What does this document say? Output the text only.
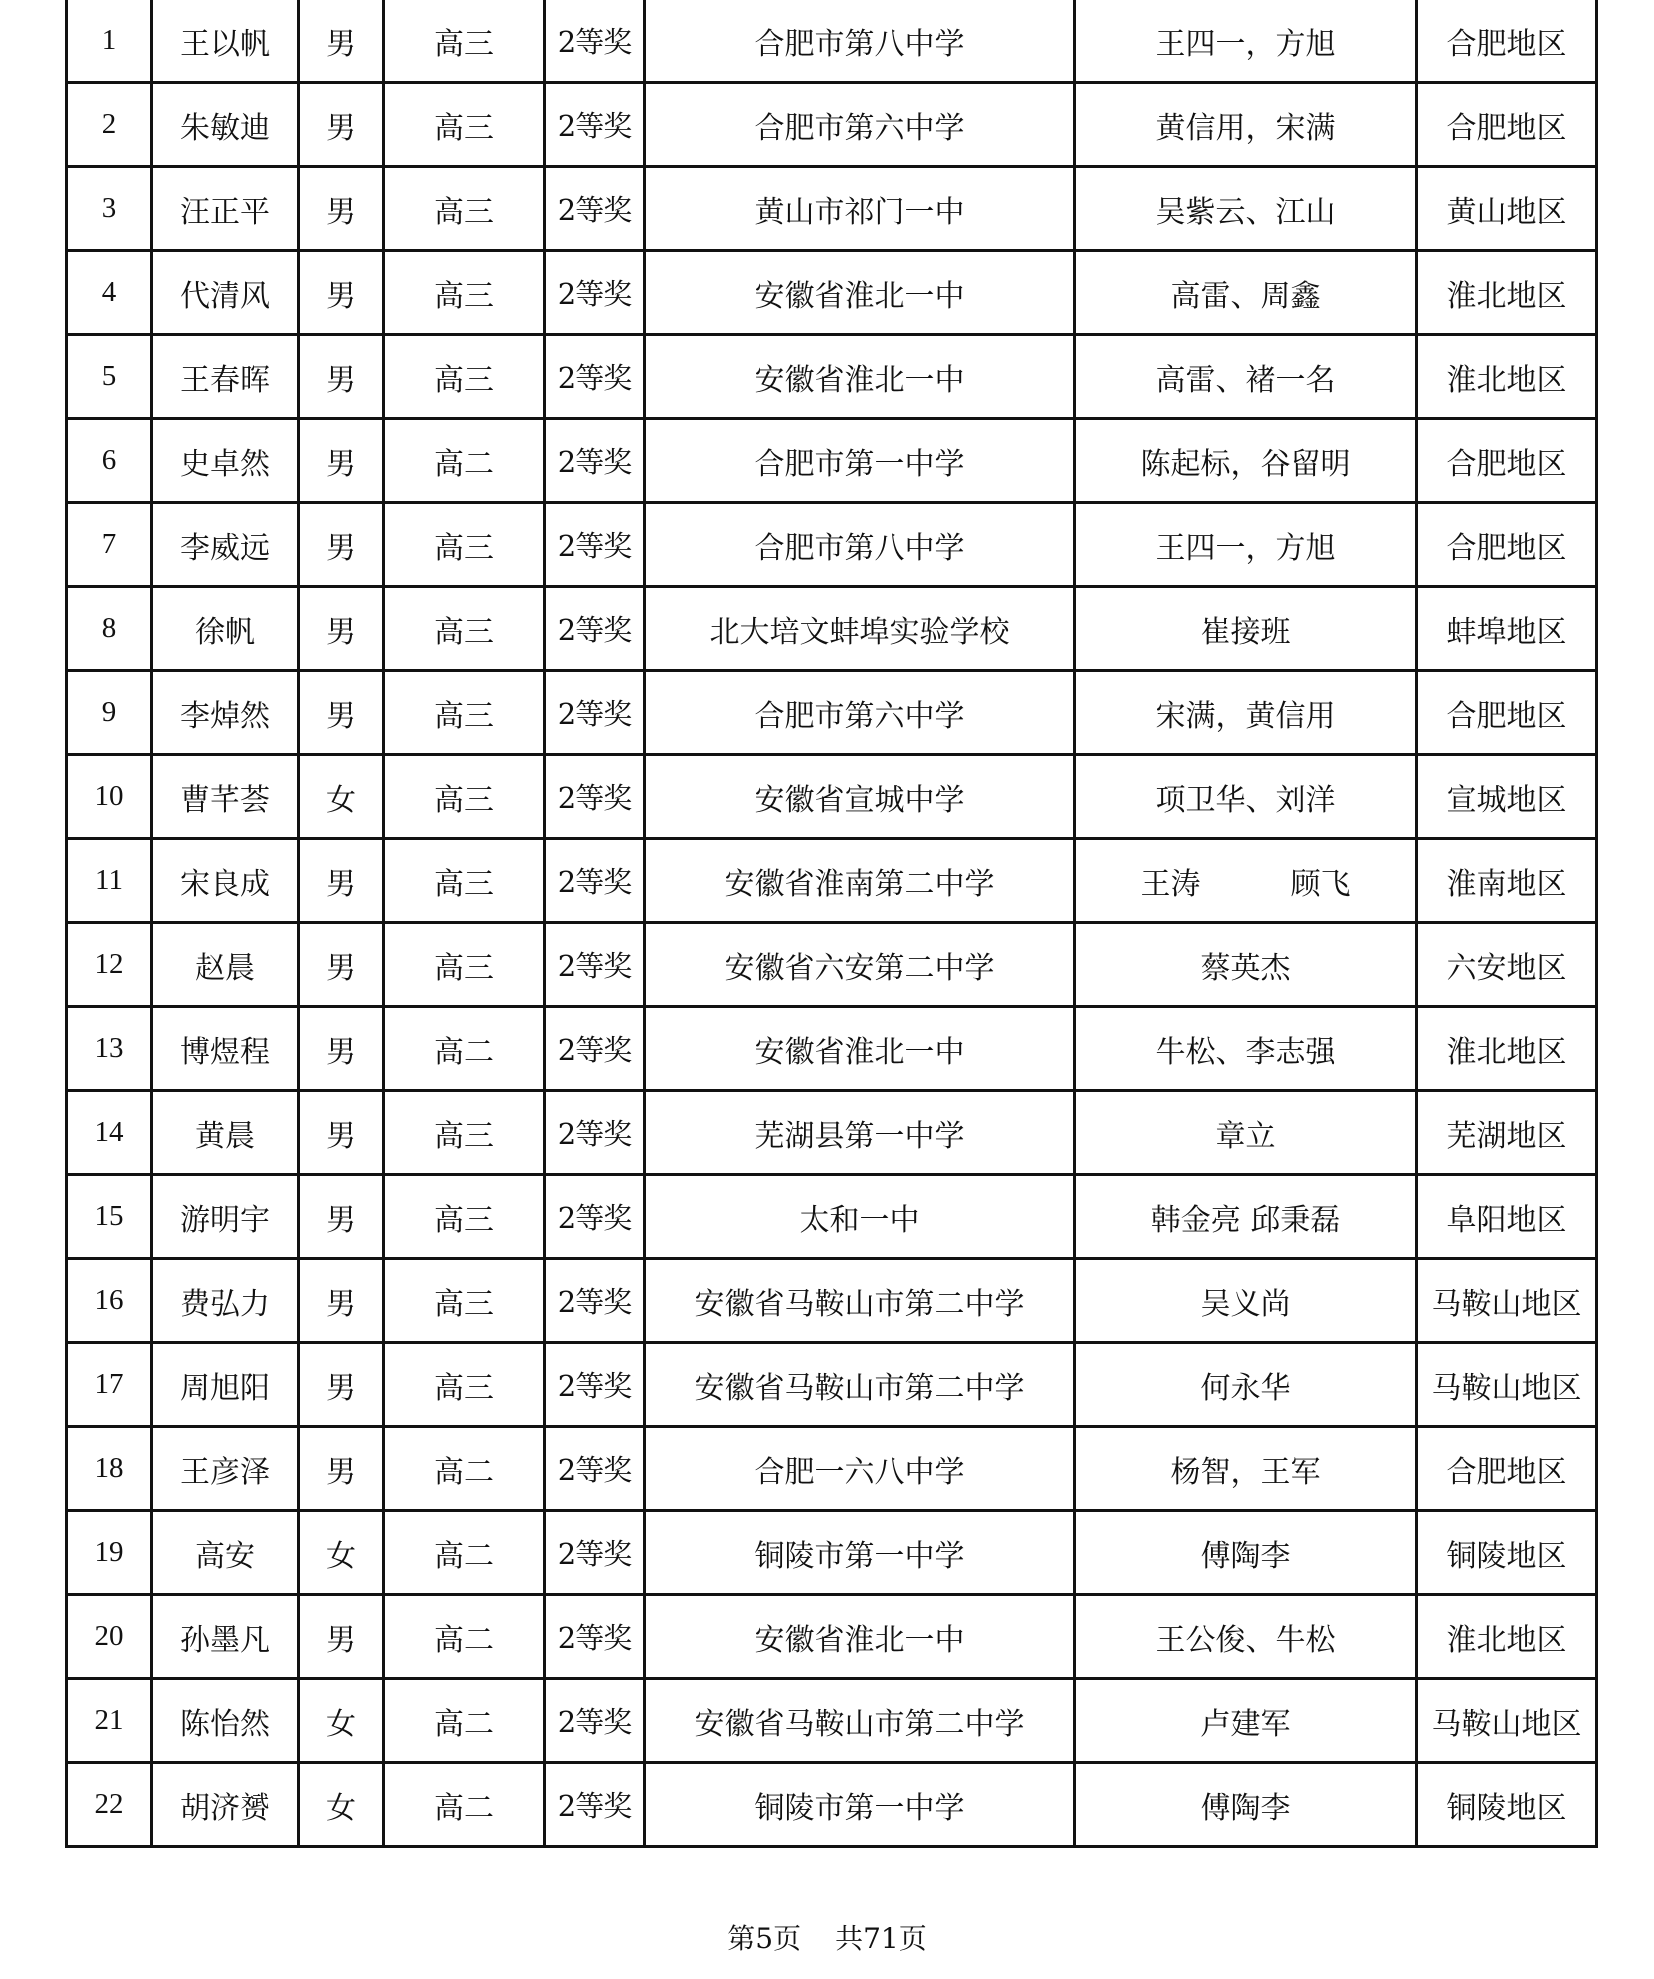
1	王以帆	男	高三	2等奖	合肥市第八中学	王四一，方旭	合肥地区
2	朱敏迪	男	高三	2等奖	合肥市第六中学	黄信用，宋满	合肥地区
3	汪正平	男	高三	2等奖	黄山市祁门一中	吴紫云、江山	黄山地区
4	代清风	男	高三	2等奖	安徽省淮北一中	高雷、周鑫	淮北地区
5	王春晖	男	高三	2等奖	安徽省淮北一中	高雷、褚一名	淮北地区
6	史卓然	男	高二	2等奖	合肥市第一中学	陈起标，谷留明	合肥地区
7	李威远	男	高三	2等奖	合肥市第八中学	王四一，方旭	合肥地区
8	徐帆	男	高三	2等奖	北大培文蚌埠实验学校	崔接班	蚌埠地区
9	李焯然	男	高三	2等奖	合肥市第六中学	宋满，黄信用	合肥地区
10	曹芊荟	女	高三	2等奖	安徽省宣城中学	项卫华、刘洋	宣城地区
11	宋良成	男	高三	2等奖	安徽省淮南第二中学	王涛　　　顾飞	淮南地区
12	赵晨	男	高三	2等奖	安徽省六安第二中学	蔡英杰	六安地区
13	博煜程	男	高二	2等奖	安徽省淮北一中	牛松、李志强	淮北地区
14	黄晨	男	高三	2等奖	芜湖县第一中学	章立	芜湖地区
15	游明宇	男	高三	2等奖	太和一中	韩金亮 邱秉磊	阜阳地区
16	费弘力	男	高三	2等奖	安徽省马鞍山市第二中学	吴义尚	马鞍山地区
17	周旭阳	男	高三	2等奖	安徽省马鞍山市第二中学	何永华	马鞍山地区
18	王彦泽	男	高二	2等奖	合肥一六八中学	杨智，王军	合肥地区
19	高安	女	高二	2等奖	铜陵市第一中学	傅陶李	铜陵地区
20	孙墨凡	男	高二	2等奖	安徽省淮北一中	王公俊、牛松	淮北地区
21	陈怡然	女	高二	2等奖	安徽省马鞍山市第二中学	卢建军	马鞍山地区
22	胡济赟	女	高二	2等奖	铜陵市第一中学	傅陶李	铜陵地区
第5页 共71页
